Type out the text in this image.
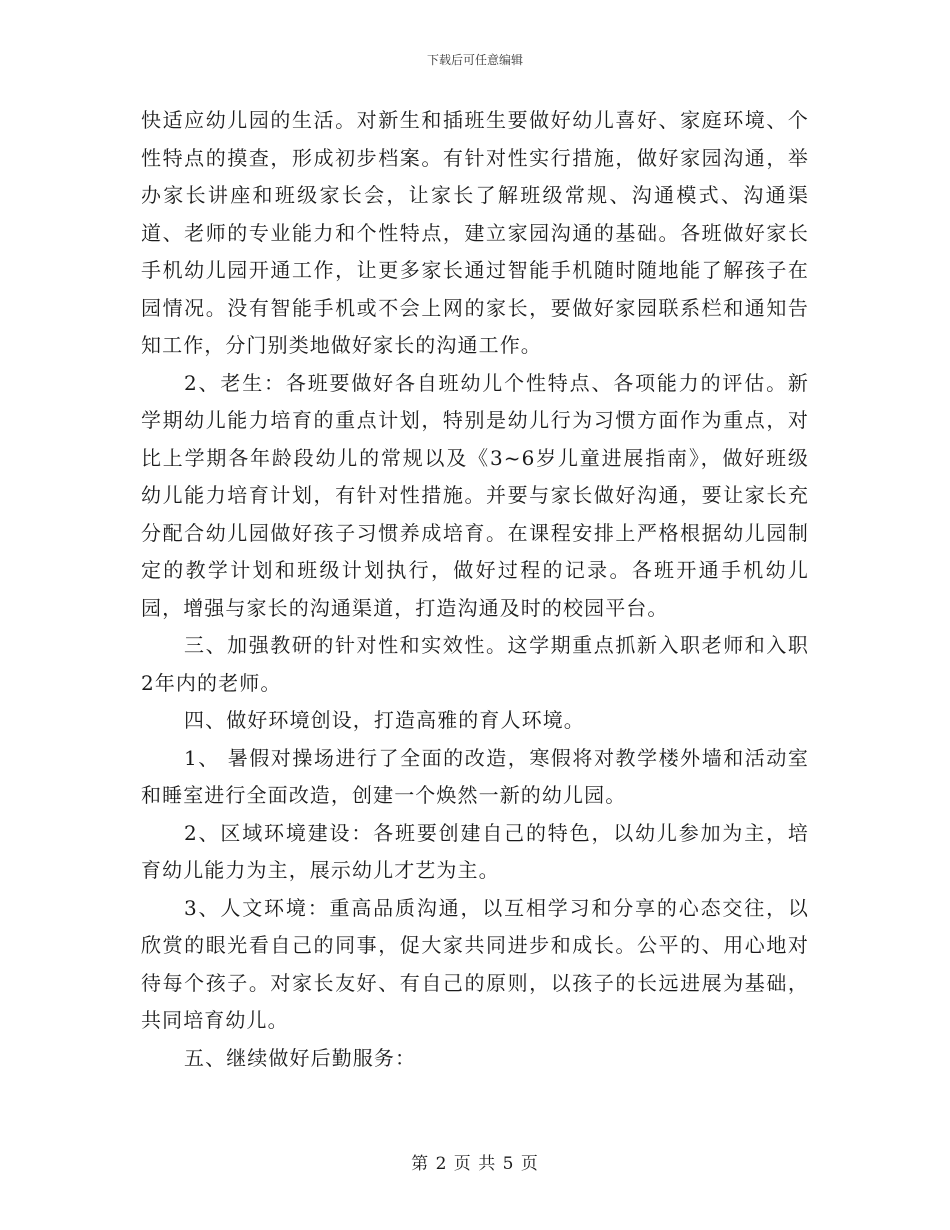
下载后可任意编辑

快适应幼儿园的生活。对新生和插班生要做好幼儿喜好、家庭环境、个性特点的摸查，形成初步档案。有针对性实行措施，做好家园沟通，举办家长讲座和班级家长会，让家长了解班级常规、沟通模式、沟通渠道、老师的专业能力和个性特点，建立家园沟通的基础。各班做好家长手机幼儿园开通工作，让更多家长通过智能手机随时随地能了解孩子在园情况。没有智能手机或不会上网的家长，要做好家园联系栏和通知告知工作，分门别类地做好家长的沟通工作。

2、老生：各班要做好各自班幼儿个性特点、各项能力的评估。新学期幼儿能力培育的重点计划，特别是幼儿行为习惯方面作为重点，对比上学期各年龄段幼儿的常规以及《3~6岁儿童进展指南》，做好班级幼儿能力培育计划，有针对性措施。并要与家长做好沟通，要让家长充分配合幼儿园做好孩子习惯养成培育。在课程安排上严格根据幼儿园制定的教学计划和班级计划执行，做好过程的记录。各班开通手机幼儿园，增强与家长的沟通渠道，打造沟通及时的校园平台。

三、加强教研的针对性和实效性。这学期重点抓新入职老师和入职2年内的老师。

四、做好环境创设，打造高雅的育人环境。

1、 暑假对操场进行了全面的改造，寒假将对教学楼外墙和活动室和睡室进行全面改造，创建一个焕然一新的幼儿园。

2、区域环境建设：各班要创建自己的特色，以幼儿参加为主，培育幼儿能力为主，展示幼儿才艺为主。

3、人文环境：重高品质沟通，以互相学习和分享的心态交往，以欣赏的眼光看自己的同事，促大家共同进步和成长。公平的、用心地对待每个孩子。对家长友好、有自己的原则，以孩子的长远进展为基础，共同培育幼儿。

五、继续做好后勤服务：

第 2 页 共 5 页
